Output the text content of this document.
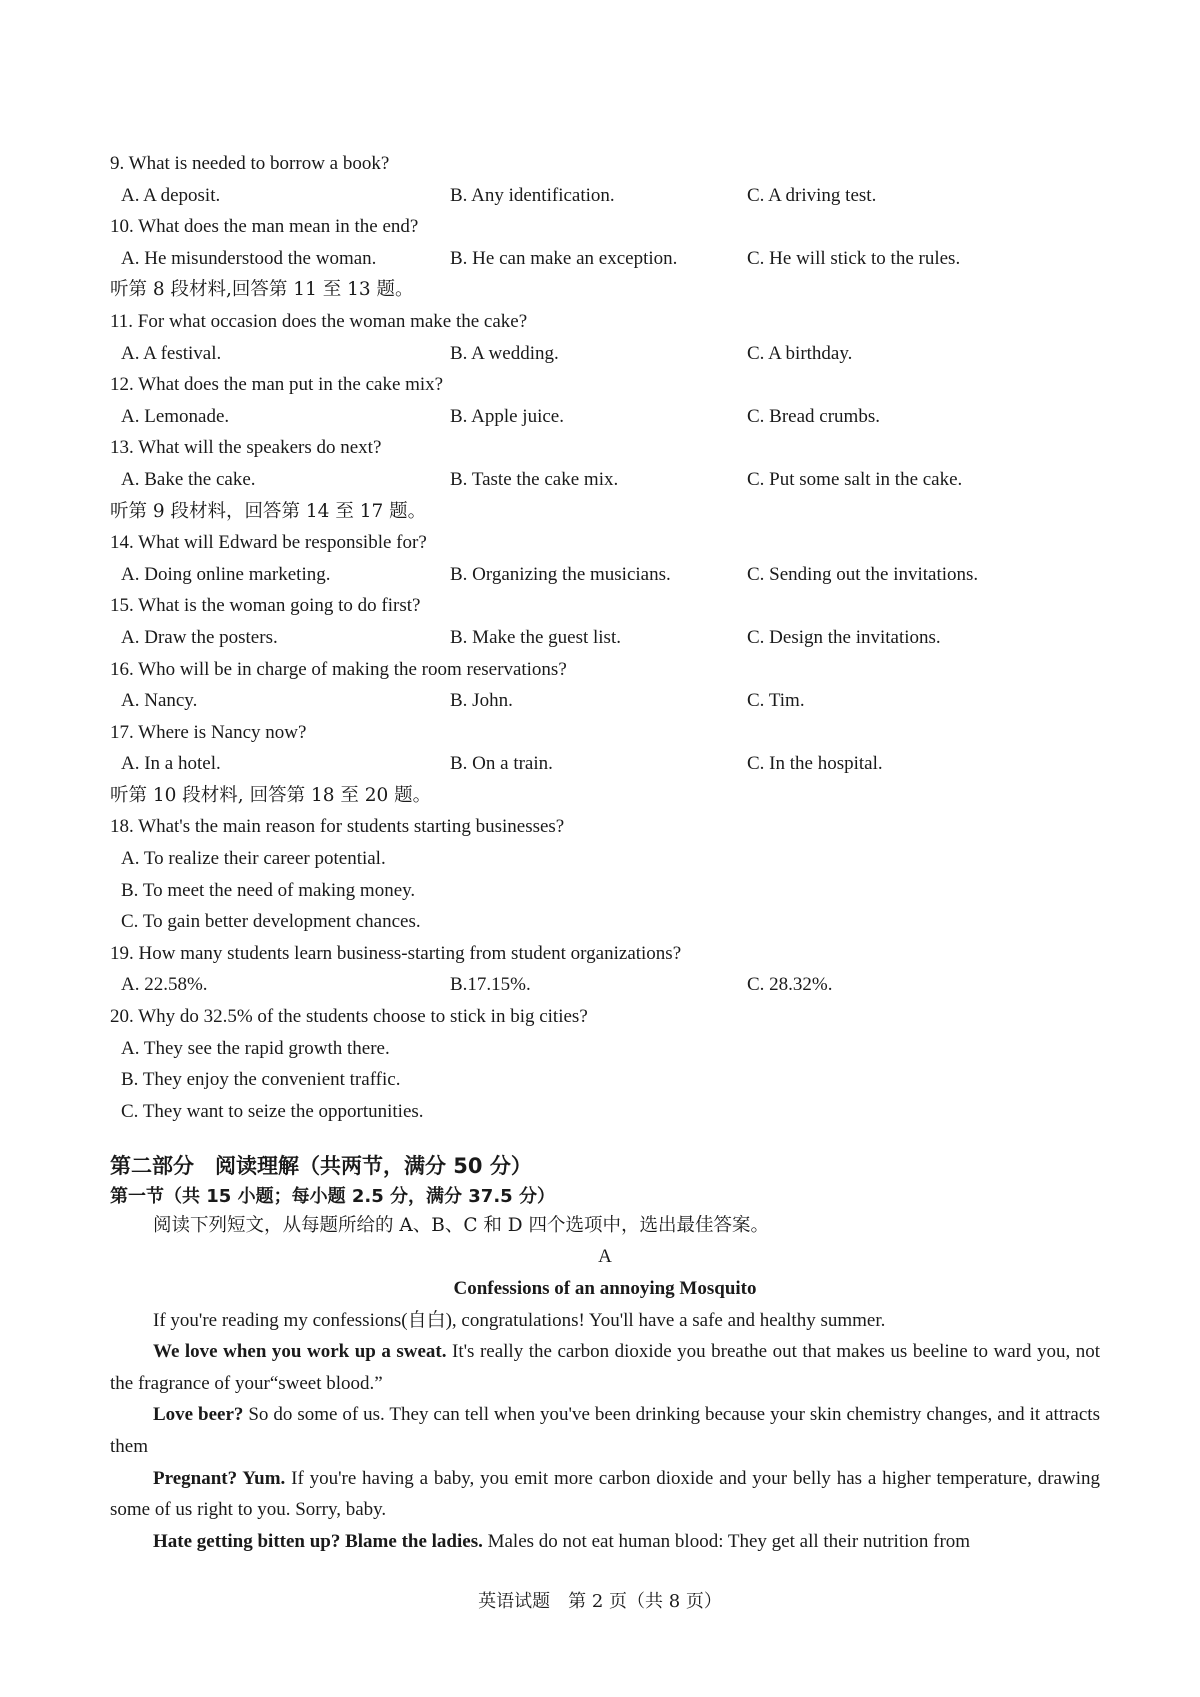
9. What is needed to borrow a book?
A. A deposit.	B. Any identification.	C. A driving test.
10. What does the man mean in the end?
A. He misunderstood the woman.	B. He can make an exception.	C. He will stick to the rules.
听第 8 段材料,回答第 11 至 13 题。
11. For what occasion does the woman make the cake?
A. A festival.	B. A wedding.	C. A birthday.
12. What does the man put in the cake mix?
A. Lemonade.	B. Apple juice.	C. Bread crumbs.
13. What will the speakers do next?
A. Bake the cake.	B. Taste the cake mix.	C. Put some salt in the cake.
听第 9 段材料，回答第 14 至 17 题。
14. What will Edward be responsible for?
A. Doing online marketing.	B. Organizing the musicians.	C. Sending out the invitations.
15. What is the woman going to do first?
A. Draw the posters.	B. Make the guest list.	C. Design the invitations.
16. Who will be in charge of making the room reservations?
A. Nancy.	B. John.	C. Tim.
17. Where is Nancy now?
A. In a hotel.	B. On a train.	C. In the hospital.
听第 10 段材料, 回答第 18 至 20 题。
18. What's the main reason for students starting businesses?
A. To realize their career potential.
B. To meet the need of making money.
C. To gain better development chances.
19. How many students learn business-starting from student organizations?
A. 22.58%.	B.17.15%.	C. 28.32%.
20. Why do 32.5% of the students choose to stick in big cities?
A. They see the rapid growth there.
B. They enjoy the convenient traffic.
C. They want to seize the opportunities.
第二部分　阅读理解（共两节，满分 50 分）
第一节（共 15 小题；每小题 2.5 分，满分 37.5 分）
阅读下列短文，从每题所给的 A、B、C 和 D 四个选项中，选出最佳答案。
A
Confessions of an annoying Mosquito
If you're reading my confessions(自白), congratulations! You'll have a safe and healthy summer.
We love when you work up a sweat. It's really the carbon dioxide you breathe out that makes us beeline to ward you, not the fragrance of your“sweet blood.”
Love beer? So do some of us. They can tell when you've been drinking because your skin chemistry changes, and it attracts them
Pregnant? Yum. If you're having a baby, you emit more carbon dioxide and your belly has a higher temperature, drawing some of us right to you. Sorry, baby.
Hate getting bitten up? Blame the ladies. Males do not eat human blood: They get all their nutrition from
英语试题　第 2 页（共 8 页）
